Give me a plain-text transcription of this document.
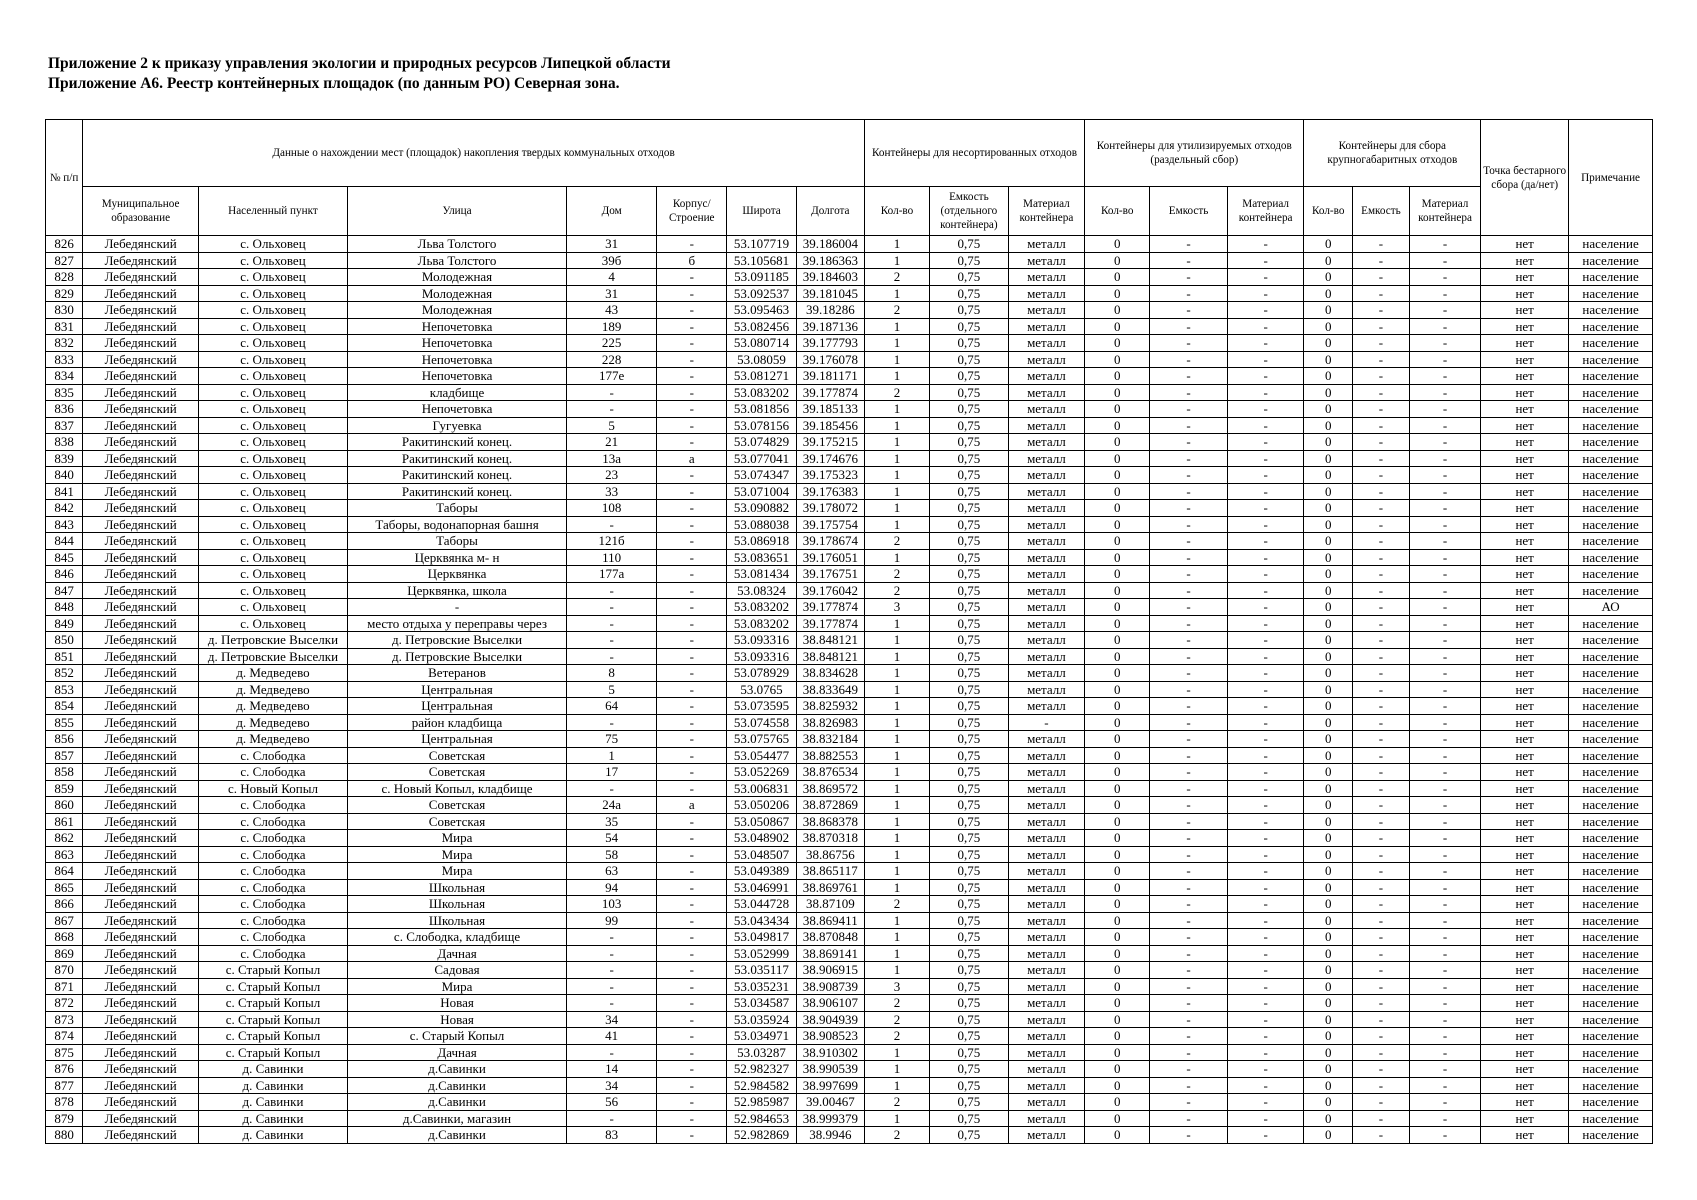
Приложение 2 к приказу управления экологии и природных ресурсов Липецкой области
Приложение А6. Реестр контейнерных площадок (по данным РО) Северная зона.
№ п/п	Данные о нахождении мест (площадок) накопления твердых коммунальных отходов							Контейнеры для несортированных отходов			Контейнеры для утилизируемых отходов (раздельный сбор)			Контейнеры для сбора крупногабаритных отходов			Точка бестарного сбора (да/нет)	Примечание
	Муниципальное образование	Населенный пункт	Улица	Дом	Корпус/ Строение	Широта	Долгота	Кол-во	Емкость (отдельного контейнера)	Материал контейнера	Кол-во	Емкость	Материал контейнера	Кол-во	Емкость	Материал контейнера		
826	Лебедянский	с. Ольховец	Льва Толстого	31	-	53.107719	39.186004	1	0,75	металл	0	-	-	0	-	-	нет	население
827	Лебедянский	с. Ольховец	Льва Толстого	39б	б	53.105681	39.186363	1	0,75	металл	0	-	-	0	-	-	нет	население
828	Лебедянский	с. Ольховец	Молодежная	4	-	53.091185	39.184603	2	0,75	металл	0	-	-	0	-	-	нет	население
829	Лебедянский	с. Ольховец	Молодежная	31	-	53.092537	39.181045	1	0,75	металл	0	-	-	0	-	-	нет	население
830	Лебедянский	с. Ольховец	Молодежная	43	-	53.095463	39.18286	2	0,75	металл	0	-	-	0	-	-	нет	население
831	Лебедянский	с. Ольховец	Непочетовка	189	-	53.082456	39.187136	1	0,75	металл	0	-	-	0	-	-	нет	население
832	Лебедянский	с. Ольховец	Непочетовка	225	-	53.080714	39.177793	1	0,75	металл	0	-	-	0	-	-	нет	население
833	Лебедянский	с. Ольховец	Непочетовка	228	-	53.08059	39.176078	1	0,75	металл	0	-	-	0	-	-	нет	население
834	Лебедянский	с. Ольховец	Непочетовка	177е	-	53.081271	39.181171	1	0,75	металл	0	-	-	0	-	-	нет	население
835	Лебедянский	с. Ольховец	кладбище	-	-	53.083202	39.177874	2	0,75	металл	0	-	-	0	-	-	нет	население
836	Лебедянский	с. Ольховец	Непочетовка	-	-	53.081856	39.185133	1	0,75	металл	0	-	-	0	-	-	нет	население
837	Лебедянский	с. Ольховец	Гугуевка	5	-	53.078156	39.185456	1	0,75	металл	0	-	-	0	-	-	нет	население
838	Лебедянский	с. Ольховец	Ракитинский конец.	21	-	53.074829	39.175215	1	0,75	металл	0	-	-	0	-	-	нет	население
839	Лебедянский	с. Ольховец	Ракитинский конец.	13а	а	53.077041	39.174676	1	0,75	металл	0	-	-	0	-	-	нет	население
840	Лебедянский	с. Ольховец	Ракитинский конец.	23	-	53.074347	39.175323	1	0,75	металл	0	-	-	0	-	-	нет	население
841	Лебедянский	с. Ольховец	Ракитинский конец.	33	-	53.071004	39.176383	1	0,75	металл	0	-	-	0	-	-	нет	население
842	Лебедянский	с. Ольховец	Таборы	108	-	53.090882	39.178072	1	0,75	металл	0	-	-	0	-	-	нет	население
843	Лебедянский	с. Ольховец	Таборы, водонапорная башня	-	-	53.088038	39.175754	1	0,75	металл	0	-	-	0	-	-	нет	население
844	Лебедянский	с. Ольховец	Таборы	121б	-	53.086918	39.178674	2	0,75	металл	0	-	-	0	-	-	нет	население
845	Лебедянский	с. Ольховец	Церквянка м- н	110	-	53.083651	39.176051	1	0,75	металл	0	-	-	0	-	-	нет	население
846	Лебедянский	с. Ольховец	Церквянка	177а	-	53.081434	39.176751	2	0,75	металл	0	-	-	0	-	-	нет	население
847	Лебедянский	с. Ольховец	Церквянка, школа	-	-	53.08324	39.176042	2	0,75	металл	0	-	-	0	-	-	нет	население
848	Лебедянский	с. Ольховец	-	-	-	53.083202	39.177874	3	0,75	металл	0	-	-	0	-	-	нет	АО
849	Лебедянский	с. Ольховец	место отдыха у переправы через	-	-	53.083202	39.177874	1	0,75	металл	0	-	-	0	-	-	нет	население
850	Лебедянский	д. Петровские Выселки	д. Петровские Выселки	-	-	53.093316	38.848121	1	0,75	металл	0	-	-	0	-	-	нет	население
851	Лебедянский	д. Петровские Выселки	д. Петровские Выселки	-	-	53.093316	38.848121	1	0,75	металл	0	-	-	0	-	-	нет	население
852	Лебедянский	д. Медведево	Ветеранов	8	-	53.078929	38.834628	1	0,75	металл	0	-	-	0	-	-	нет	население
853	Лебедянский	д. Медведево	Центральная	5	-	53.0765	38.833649	1	0,75	металл	0	-	-	0	-	-	нет	население
854	Лебедянский	д. Медведево	Центральная	64	-	53.073595	38.825932	1	0,75	металл	0	-	-	0	-	-	нет	население
855	Лебедянский	д. Медведево	район кладбища	-	-	53.074558	38.826983	1	0,75	-	0	-	-	0	-	-	нет	население
856	Лебедянский	д. Медведево	Центральная	75	-	53.075765	38.832184	1	0,75	металл	0	-	-	0	-	-	нет	население
857	Лебедянский	с. Слободка	Советская	1	-	53.054477	38.882553	1	0,75	металл	0	-	-	0	-	-	нет	население
858	Лебедянский	с. Слободка	Советская	17	-	53.052269	38.876534	1	0,75	металл	0	-	-	0	-	-	нет	население
859	Лебедянский	с. Новый Копыл	с. Новый Копыл, кладбище	-	-	53.006831	38.869572	1	0,75	металл	0	-	-	0	-	-	нет	население
860	Лебедянский	с. Слободка	Советская	24а	а	53.050206	38.872869	1	0,75	металл	0	-	-	0	-	-	нет	население
861	Лебедянский	с. Слободка	Советская	35	-	53.050867	38.868378	1	0,75	металл	0	-	-	0	-	-	нет	население
862	Лебедянский	с. Слободка	Мира	54	-	53.048902	38.870318	1	0,75	металл	0	-	-	0	-	-	нет	население
863	Лебедянский	с. Слободка	Мира	58	-	53.048507	38.86756	1	0,75	металл	0	-	-	0	-	-	нет	население
864	Лебедянский	с. Слободка	Мира	63	-	53.049389	38.865117	1	0,75	металл	0	-	-	0	-	-	нет	население
865	Лебедянский	с. Слободка	Школьная	94	-	53.046991	38.869761	1	0,75	металл	0	-	-	0	-	-	нет	население
866	Лебедянский	с. Слободка	Школьная	103	-	53.044728	38.87109	2	0,75	металл	0	-	-	0	-	-	нет	население
867	Лебедянский	с. Слободка	Школьная	99	-	53.043434	38.869411	1	0,75	металл	0	-	-	0	-	-	нет	население
868	Лебедянский	с. Слободка	с. Слободка, кладбище	-	-	53.049817	38.870848	1	0,75	металл	0	-	-	0	-	-	нет	население
869	Лебедянский	с. Слободка	Дачная	-	-	53.052999	38.869141	1	0,75	металл	0	-	-	0	-	-	нет	население
870	Лебедянский	с. Старый Копыл	Садовая	-	-	53.035117	38.906915	1	0,75	металл	0	-	-	0	-	-	нет	население
871	Лебедянский	с. Старый Копыл	Мира	-	-	53.035231	38.908739	3	0,75	металл	0	-	-	0	-	-	нет	население
872	Лебедянский	с. Старый Копыл	Новая	-	-	53.034587	38.906107	2	0,75	металл	0	-	-	0	-	-	нет	население
873	Лебедянский	с. Старый Копыл	Новая	34	-	53.035924	38.904939	2	0,75	металл	0	-	-	0	-	-	нет	население
874	Лебедянский	с. Старый Копыл	с. Старый Копыл	41	-	53.034971	38.908523	2	0,75	металл	0	-	-	0	-	-	нет	население
875	Лебедянский	с. Старый Копыл	Дачная	-	-	53.03287	38.910302	1	0,75	металл	0	-	-	0	-	-	нет	население
876	Лебедянский	д. Савинки	д.Савинки	14	-	52.982327	38.990539	1	0,75	металл	0	-	-	0	-	-	нет	население
877	Лебедянский	д. Савинки	д.Савинки	34	-	52.984582	38.997699	1	0,75	металл	0	-	-	0	-	-	нет	население
878	Лебедянский	д. Савинки	д.Савинки	56	-	52.985987	39.00467	2	0,75	металл	0	-	-	0	-	-	нет	население
879	Лебедянский	д. Савинки	д.Савинки, магазин	-	-	52.984653	38.999379	1	0,75	металл	0	-	-	0	-	-	нет	население
880	Лебедянский	д. Савинки	д.Савинки	83	-	52.982869	38.9946	2	0,75	металл	0	-	-	0	-	-	нет	население
